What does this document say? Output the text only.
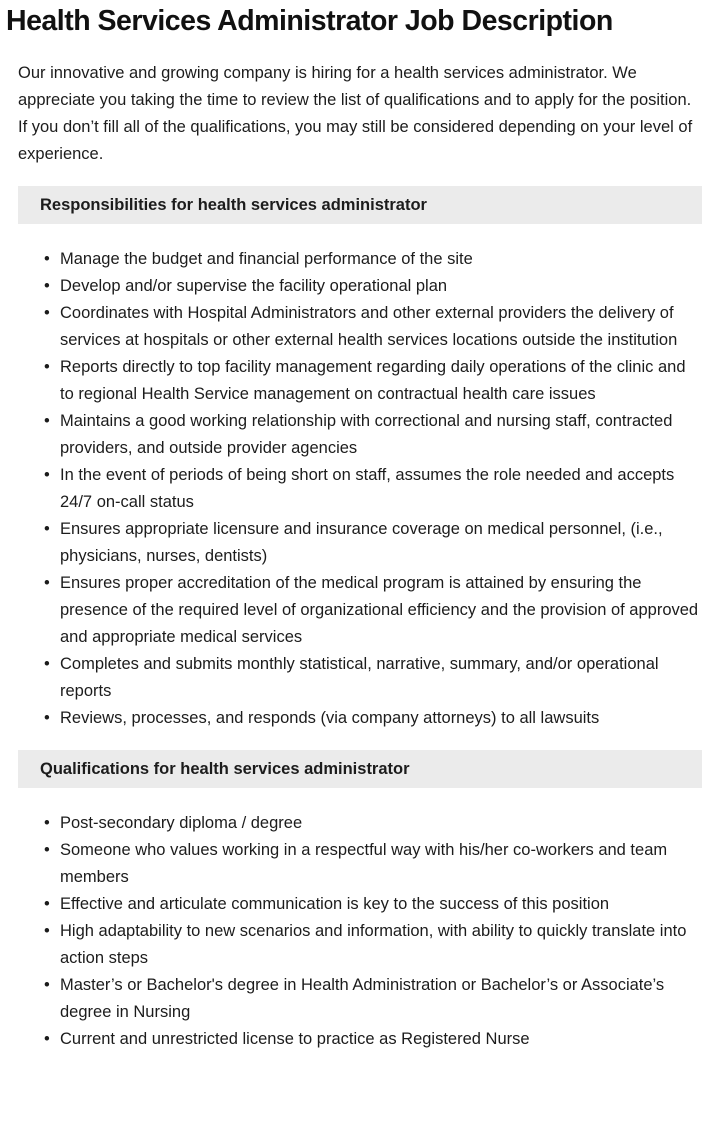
Health Services Administrator Job Description

Our innovative and growing company is hiring for a health services administrator. We appreciate you taking the time to review the list of qualifications and to apply for the position. If you don’t fill all of the qualifications, you may still be considered depending on your level of experience.

Responsibilities for health services administrator
• Manage the budget and financial performance of the site
• Develop and/or supervise the facility operational plan
• Coordinates with Hospital Administrators and other external providers the delivery of services at hospitals or other external health services locations outside the institution
• Reports directly to top facility management regarding daily operations of the clinic and to regional Health Service management on contractual health care issues
• Maintains a good working relationship with correctional and nursing staff, contracted providers, and outside provider agencies
• In the event of periods of being short on staff, assumes the role needed and accepts 24/7 on-call status
• Ensures appropriate licensure and insurance coverage on medical personnel, (i.e., physicians, nurses, dentists)
• Ensures proper accreditation of the medical program is attained by ensuring the presence of the required level of organizational efficiency and the provision of approved and appropriate medical services
• Completes and submits monthly statistical, narrative, summary, and/or operational reports
• Reviews, processes, and responds (via company attorneys) to all lawsuits
Qualifications for health services administrator
• Post-secondary diploma / degree
• Someone who values working in a respectful way with his/her co-workers and team members
• Effective and articulate communication is key to the success of this position
• High adaptability to new scenarios and information, with ability to quickly translate into action steps
• Master’s or Bachelor's degree in Health Administration or Bachelor’s or Associate’s degree in Nursing
• Current and unrestricted license to practice as Registered Nurse
